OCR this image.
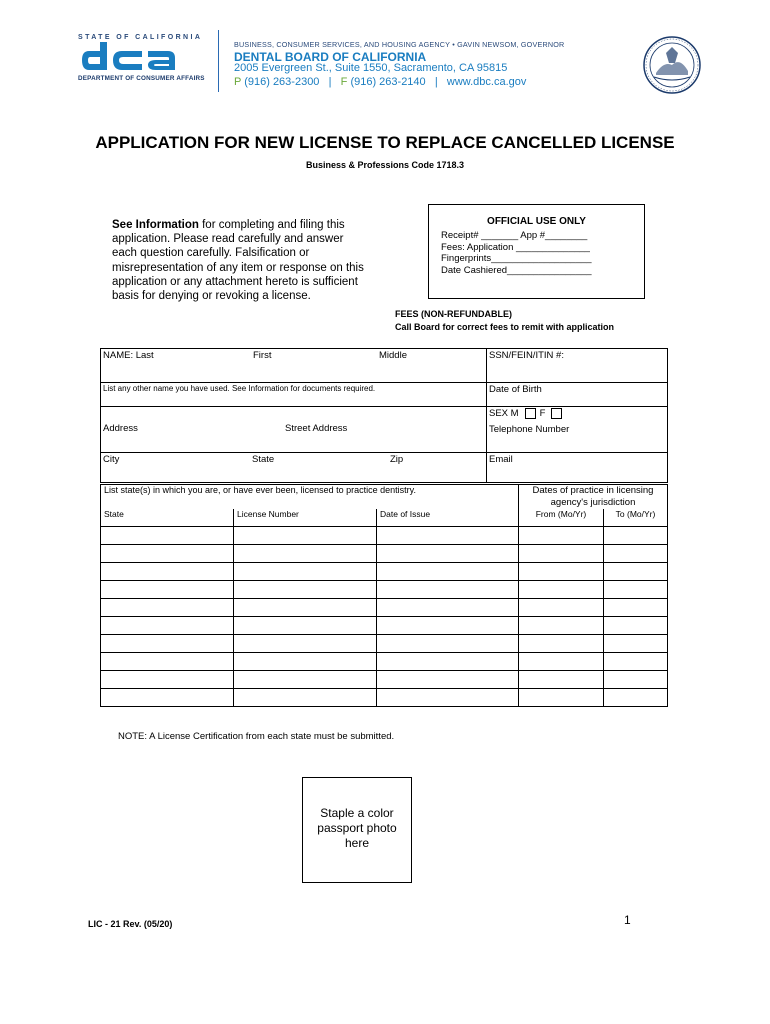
STATE OF CALIFORNIA
DEPARTMENT OF CONSUMER AFFAIRS
BUSINESS, CONSUMER SERVICES, AND HOUSING AGENCY • GAVIN NEWSOM, GOVERNOR
DENTAL BOARD OF CALIFORNIA
2005 Evergreen St., Suite 1550, Sacramento, CA 95815
P (916) 263-2300 | F (916) 263-2140 | www.dbc.ca.gov
APPLICATION FOR NEW LICENSE TO REPLACE CANCELLED LICENSE
Business & Professions Code 1718.3
See Information for completing and filing this application. Please read carefully and answer each question carefully. Falsification or misrepresentation of any item or response on this application or any attachment hereto is sufficient basis for denying or revoking a license.
OFFICIAL USE ONLY
Receipt# _______ App #________
Fees: Application ______________
Fingerprints___________________
Date Cashiered________________
FEES (NON-REFUNDABLE)
Call Board for correct fees to remit with application
NAME: Last First Middle	SSN/FEIN/ITIN #:
List any other name you have used. See Information for documents required.	Date of Birth
Address Street Address	SEX M F
	Telephone Number
City State Zip	Email
List state(s) in which you are, or have ever been, licensed to practice dentistry.			Dates of practice in licensing agency's jurisdiction	
State	License Number	Date of Issue	From (Mo/Yr)	To (Mo/Yr)

NOTE: A License Certification from each state must be submitted.
Staple a color
passport photo
here
LIC - 21 Rev. (05/20)	1
